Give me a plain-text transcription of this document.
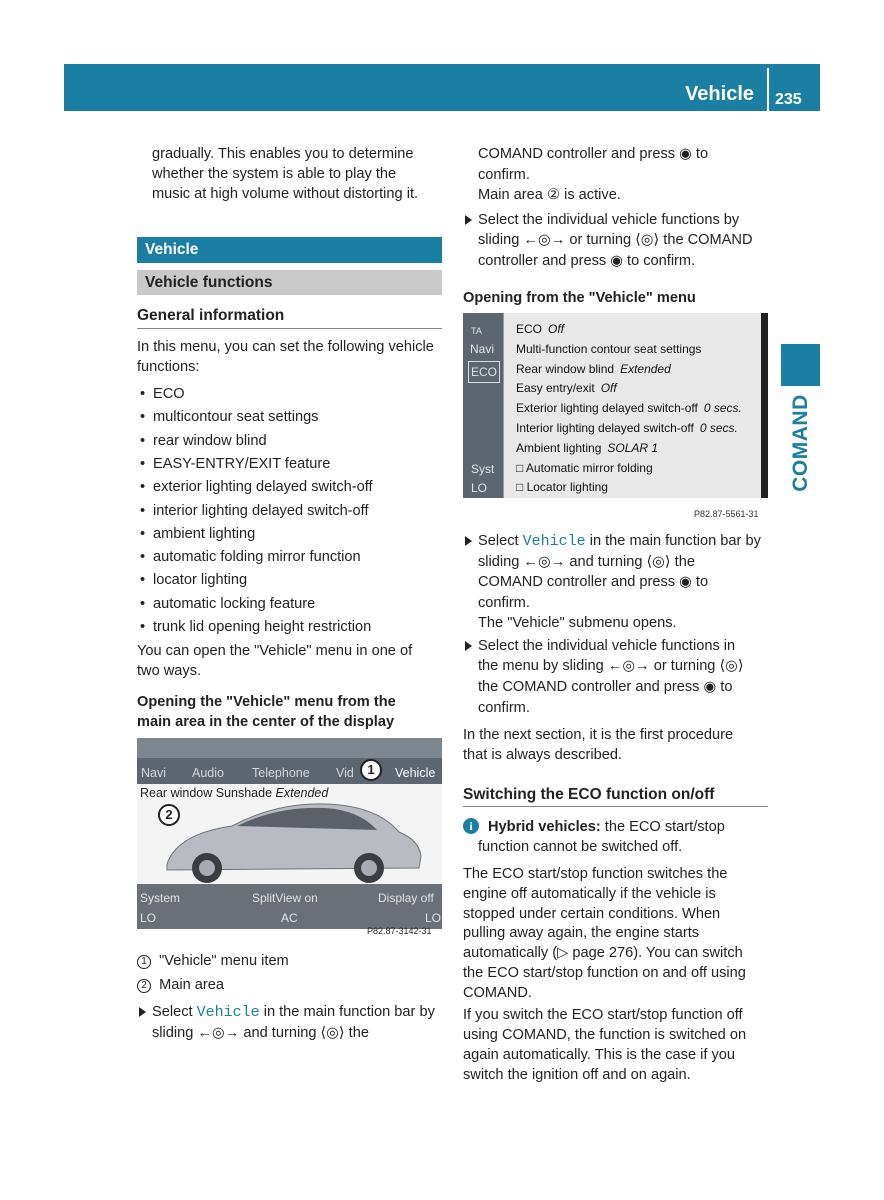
Vehicle 235
COMAND
gradually. This enables you to determine
whether the system is able to play the
music at high volume without distorting it.
Vehicle
Vehicle functions
General information
In this menu, you can set the following vehicle
functions:
ECO
•
multicontour seat settings
•
rear window blind
•
EASY-ENTRY/EXIT feature
•
exterior lighting delayed switch-off
•
interior lighting delayed switch-off
•
ambient lighting
•
automatic folding mirror function
•
locator lighting
•
automatic locking feature
•
trunk lid opening height restriction
•
You can open the "Vehicle" menu in one of
two ways.
Opening the "Vehicle" menu from the
main area in the center of the display
Navi Audio Telephone Vid	Vehicle
Rear window Sunshade Extended
System	SplitView on	Display off
LO	AC	LO
P82.87-3142-31
1
2
1 "Vehicle" menu item
2 Main area
Select Vehicle in the main function bar by
sliding ←◎→ and turning ⟨◎⟩ the
COMAND controller and press ◉ to
confirm.
Main area ② is active.
Select the individual vehicle functions by
sliding ←◎→ or turning ⟨◎⟩ the COMAND
controller and press ◉ to confirm.
Opening from the "Vehicle" menu
TA
Navi
ECO
Syst
LO
ECO Off
Multi-function contour seat settings
Rear window blind Extended
Easy entry/exit Off
Exterior lighting delayed switch-off 0 secs.
Interior lighting delayed switch-off 0 secs.
Ambient lighting SOLAR 1
□ Automatic mirror folding
□ Locator lighting
P82.87-5561-31
Select Vehicle in the main function bar by
sliding ←◎→ and turning ⟨◎⟩ the
COMAND controller and press ◉ to
confirm.
The "Vehicle" submenu opens.
Select the individual vehicle functions in
the menu by sliding ←◎→ or turning ⟨◎⟩
the COMAND controller and press ◉ to
confirm.
In the next section, it is the first procedure
that is always described.
Switching the ECO function on/off
i	Hybrid vehicles: the ECO start/stop
function cannot be switched off.
The ECO start/stop function switches the
engine off automatically if the vehicle is
stopped under certain conditions. When
pulling away again, the engine starts
automatically (▷ page 276). You can switch
the ECO start/stop function on and off using
COMAND.
If you switch the ECO start/stop function off
using COMAND, the function is switched on
again automatically. This is the case if you
switch the ignition off and on again.
